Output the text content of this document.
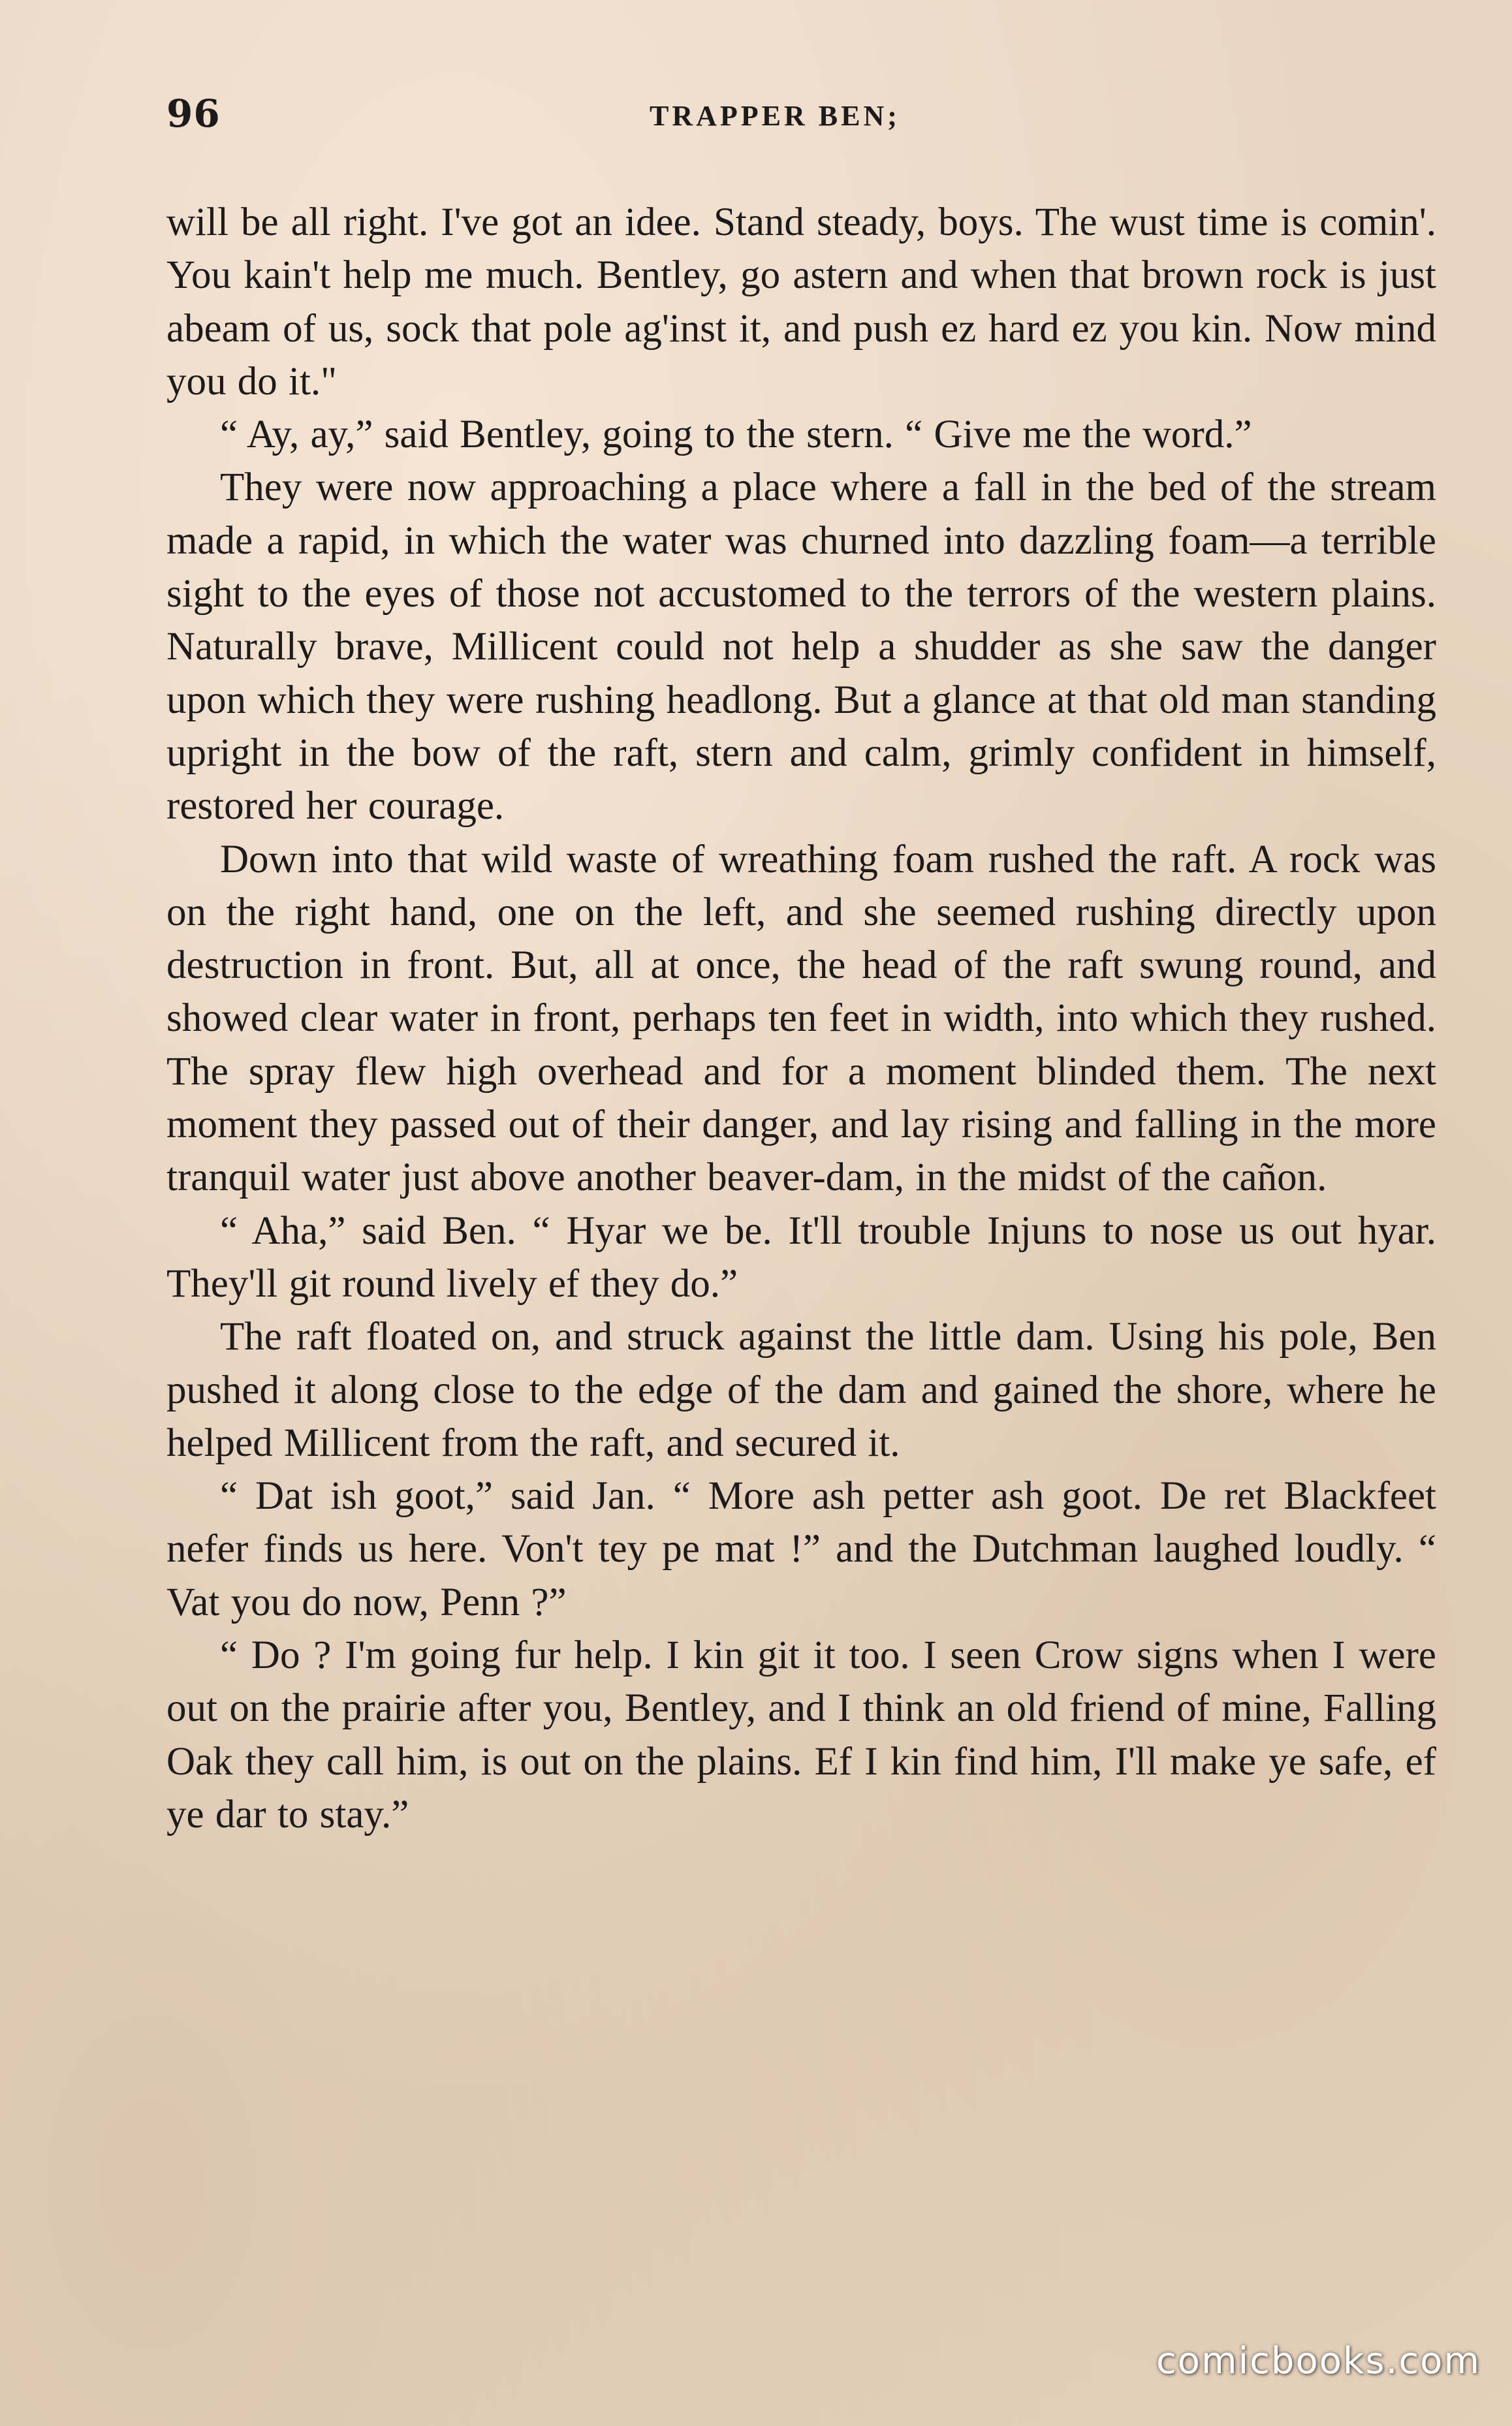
96	TRAPPER BEN;

will be all right. I've got an idee. Stand steady, boys. The wust time is comin'. You kain't help me much. Bentley, go astern and when that brown rock is just abeam of us, sock that pole ag'inst it, and push ez hard ez you kin. Now mind you do it."

“ Ay, ay,” said Bentley, going to the stern. “ Give me the word.”

They were now approaching a place where a fall in the bed of the stream made a rapid, in which the water was churned into dazzling foam—a terrible sight to the eyes of those not accustomed to the terrors of the western plains. Naturally brave, Millicent could not help a shudder as she saw the danger upon which they were rushing headlong. But a glance at that old man standing upright in the bow of the raft, stern and calm, grimly confident in himself, restored her courage.

Down into that wild waste of wreathing foam rushed the raft. A rock was on the right hand, one on the left, and she seemed rushing directly upon destruction in front. But, all at once, the head of the raft swung round, and showed clear water in front, perhaps ten feet in width, into which they rushed. The spray flew high overhead and for a moment blinded them. The next moment they passed out of their danger, and lay rising and falling in the more tranquil water just above another beaver-dam, in the midst of the cañon.

“ Aha,” said Ben. “ Hyar we be. It'll trouble Injuns to nose us out hyar. They'll git round lively ef they do.”

The raft floated on, and struck against the little dam. Using his pole, Ben pushed it along close to the edge of the dam and gained the shore, where he helped Millicent from the raft, and secured it.

“ Dat ish goot,” said Jan. “ More ash petter ash goot. De ret Blackfeet nefer finds us here. Von't tey pe mat !” and the Dutchman laughed loudly. “ Vat you do now, Penn ?”

“ Do ? I'm going fur help. I kin git it too. I seen Crow signs when I were out on the prairie after you, Bentley, and I think an old friend of mine, Falling Oak they call him, is out on the plains. Ef I kin find him, I'll make ye safe, ef ye dar to stay.”

comicbooks.com
